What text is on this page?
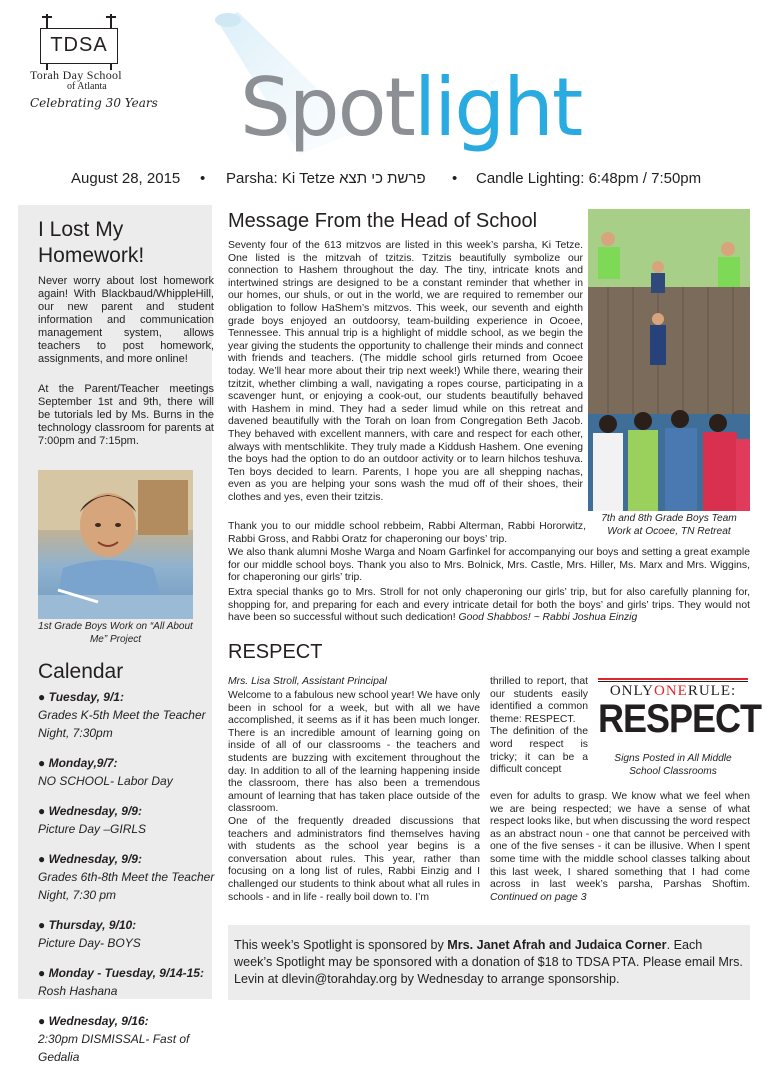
TDSA
Torah Day School
of Atlanta
Celebrating 30 Years Spotlight
August 28, 2015 • Parsha: Ki Tetze פרשת כי תצא • Candle Lighting: 6:48pm / 7:50pm
I Lost My Homework!
Never worry about lost homework again! With Blackbaud/WhippleHill, our new parent and student information and communication management system, allows teachers to post homework, assignments, and more online!
At the Parent/Teacher meetings September 1st and 9th, there will be tutorials led by Ms. Burns in the technology classroom for parents at 7:00pm and 7:15pm.
1st Grade Boys Work on “All About Me” Project
Calendar
● Tuesday, 9/1:
Grades K-5th Meet the Teacher Night, 7:30pm
● Monday,9/7:
NO SCHOOL- Labor Day
● Wednesday, 9/9:
Picture Day –GIRLS
● Wednesday, 9/9:
Grades 6th-8th Meet the Teacher Night, 7:30 pm
● Thursday, 9/10:
Picture Day- BOYS
● Monday - Tuesday, 9/14-15:
Rosh Hashana
● Wednesday, 9/16:
2:30pm DISMISSAL- Fast of Gedalia
Message From the Head of School
Seventy four of the 613 mitzvos are listed in this week’s parsha, Ki Tetze. One listed is the mitzvah of tzitzis. Tzitzis beautifully symbolize our connection to Hashem throughout the day. The tiny, intricate knots and intertwined strings are designed to be a constant reminder that whether in our homes, our shuls, or out in the world, we are required to remember our obligation to follow HaShem’s mitzvos. This week, our seventh and eighth grade boys enjoyed an outdoorsy, team-building experience in Ocoee, Tennessee. This annual trip is a highlight of middle school, as we begin the year giving the students the opportunity to challenge their minds and connect with friends and teachers. (The middle school girls returned from Ocoee today. We’ll hear more about their trip next week!) While there, wearing their tzitzit, whether climbing a wall, navigating a ropes course, participating in a scavenger hunt, or enjoying a cook-out, our students beautifully behaved with Hashem in mind. They had a seder limud while on this retreat and davened beautifully with the Torah on loan from Congregation Beth Jacob. They behaved with excellent manners, with care and respect for each other, always with mentschlikite. They truly made a Kiddush Hashem. One evening the boys had the option to do an outdoor activity or to learn hilchos teshuva. Ten boys decided to learn. Parents, I hope you are all shepping nachas, even as you are helping your sons wash the mud off of their shoes, their clothes and yes, even their tzitzis.
7th and 8th Grade Boys Team Work at Ocoee, TN Retreat
Thank you to our middle school rebbeim, Rabbi Alterman, Rabbi Hororwitz, Rabbi Gross, and Rabbi Oratz for chaperoning our boys’ trip.
We also thank alumni Moshe Warga and Noam Garfinkel for accompanying our boys and setting a great example for our middle school boys. Thank you also to Mrs. Bolnick, Mrs. Castle, Mrs. Hiller, Ms. Marx and Mrs. Wiggins, for chaperoning our girls’ trip.
Extra special thanks go to Mrs. Stroll for not only chaperoning our girls’ trip, but for also carefully planning for, shopping for, and preparing for each and every intricate detail for both the boys’ and girls’ trips. They would not have been so successful without such dedication! Good Shabbos! ~ Rabbi Joshua Einzig
RESPECT
Mrs. Lisa Stroll, Assistant Principal
Welcome to a fabulous new school year! We have only been in school for a week, but with all we have accomplished, it seems as if it has been much longer. There is an incredible amount of learning going on inside of all of our classrooms - the teachers and students are buzzing with excitement throughout the day. In addition to all of the learning happening inside the classroom, there has also been a tremendous amount of learning that has taken place outside of the classroom.
One of the frequently dreaded discussions that teachers and administrators find themselves having with students as the school year begins is a conversation about rules. This year, rather than focusing on a long list of rules, Rabbi Einzig and I challenged our students to think about what all rules in schools - and in life - really boil down to. I’m
thrilled to report, that our students easily identified a common theme: RESPECT.
The definition of the word respect is tricky; it can be a difficult concept
even for adults to grasp. We know what we feel when we are being respected; we have a sense of what respect looks like, but when discussing the word respect as an abstract noun - one that cannot be perceived with one of the five senses - it can be illusive. When I spent some time with the middle school classes talking about this last week, I shared something that I had come across in last week’s parsha, Parshas Shoftim. Continued on page 3
ONLYONERULE:
RESPECT
Signs Posted in All Middle School Classrooms
This week’s Spotlight is sponsored by Mrs. Janet Afrah and Judaica Corner. Each week’s Spotlight may be sponsored with a donation of $18 to TDSA PTA. Please email Mrs. Levin at dlevin@torahday.org by Wednesday to arrange sponsorship.
